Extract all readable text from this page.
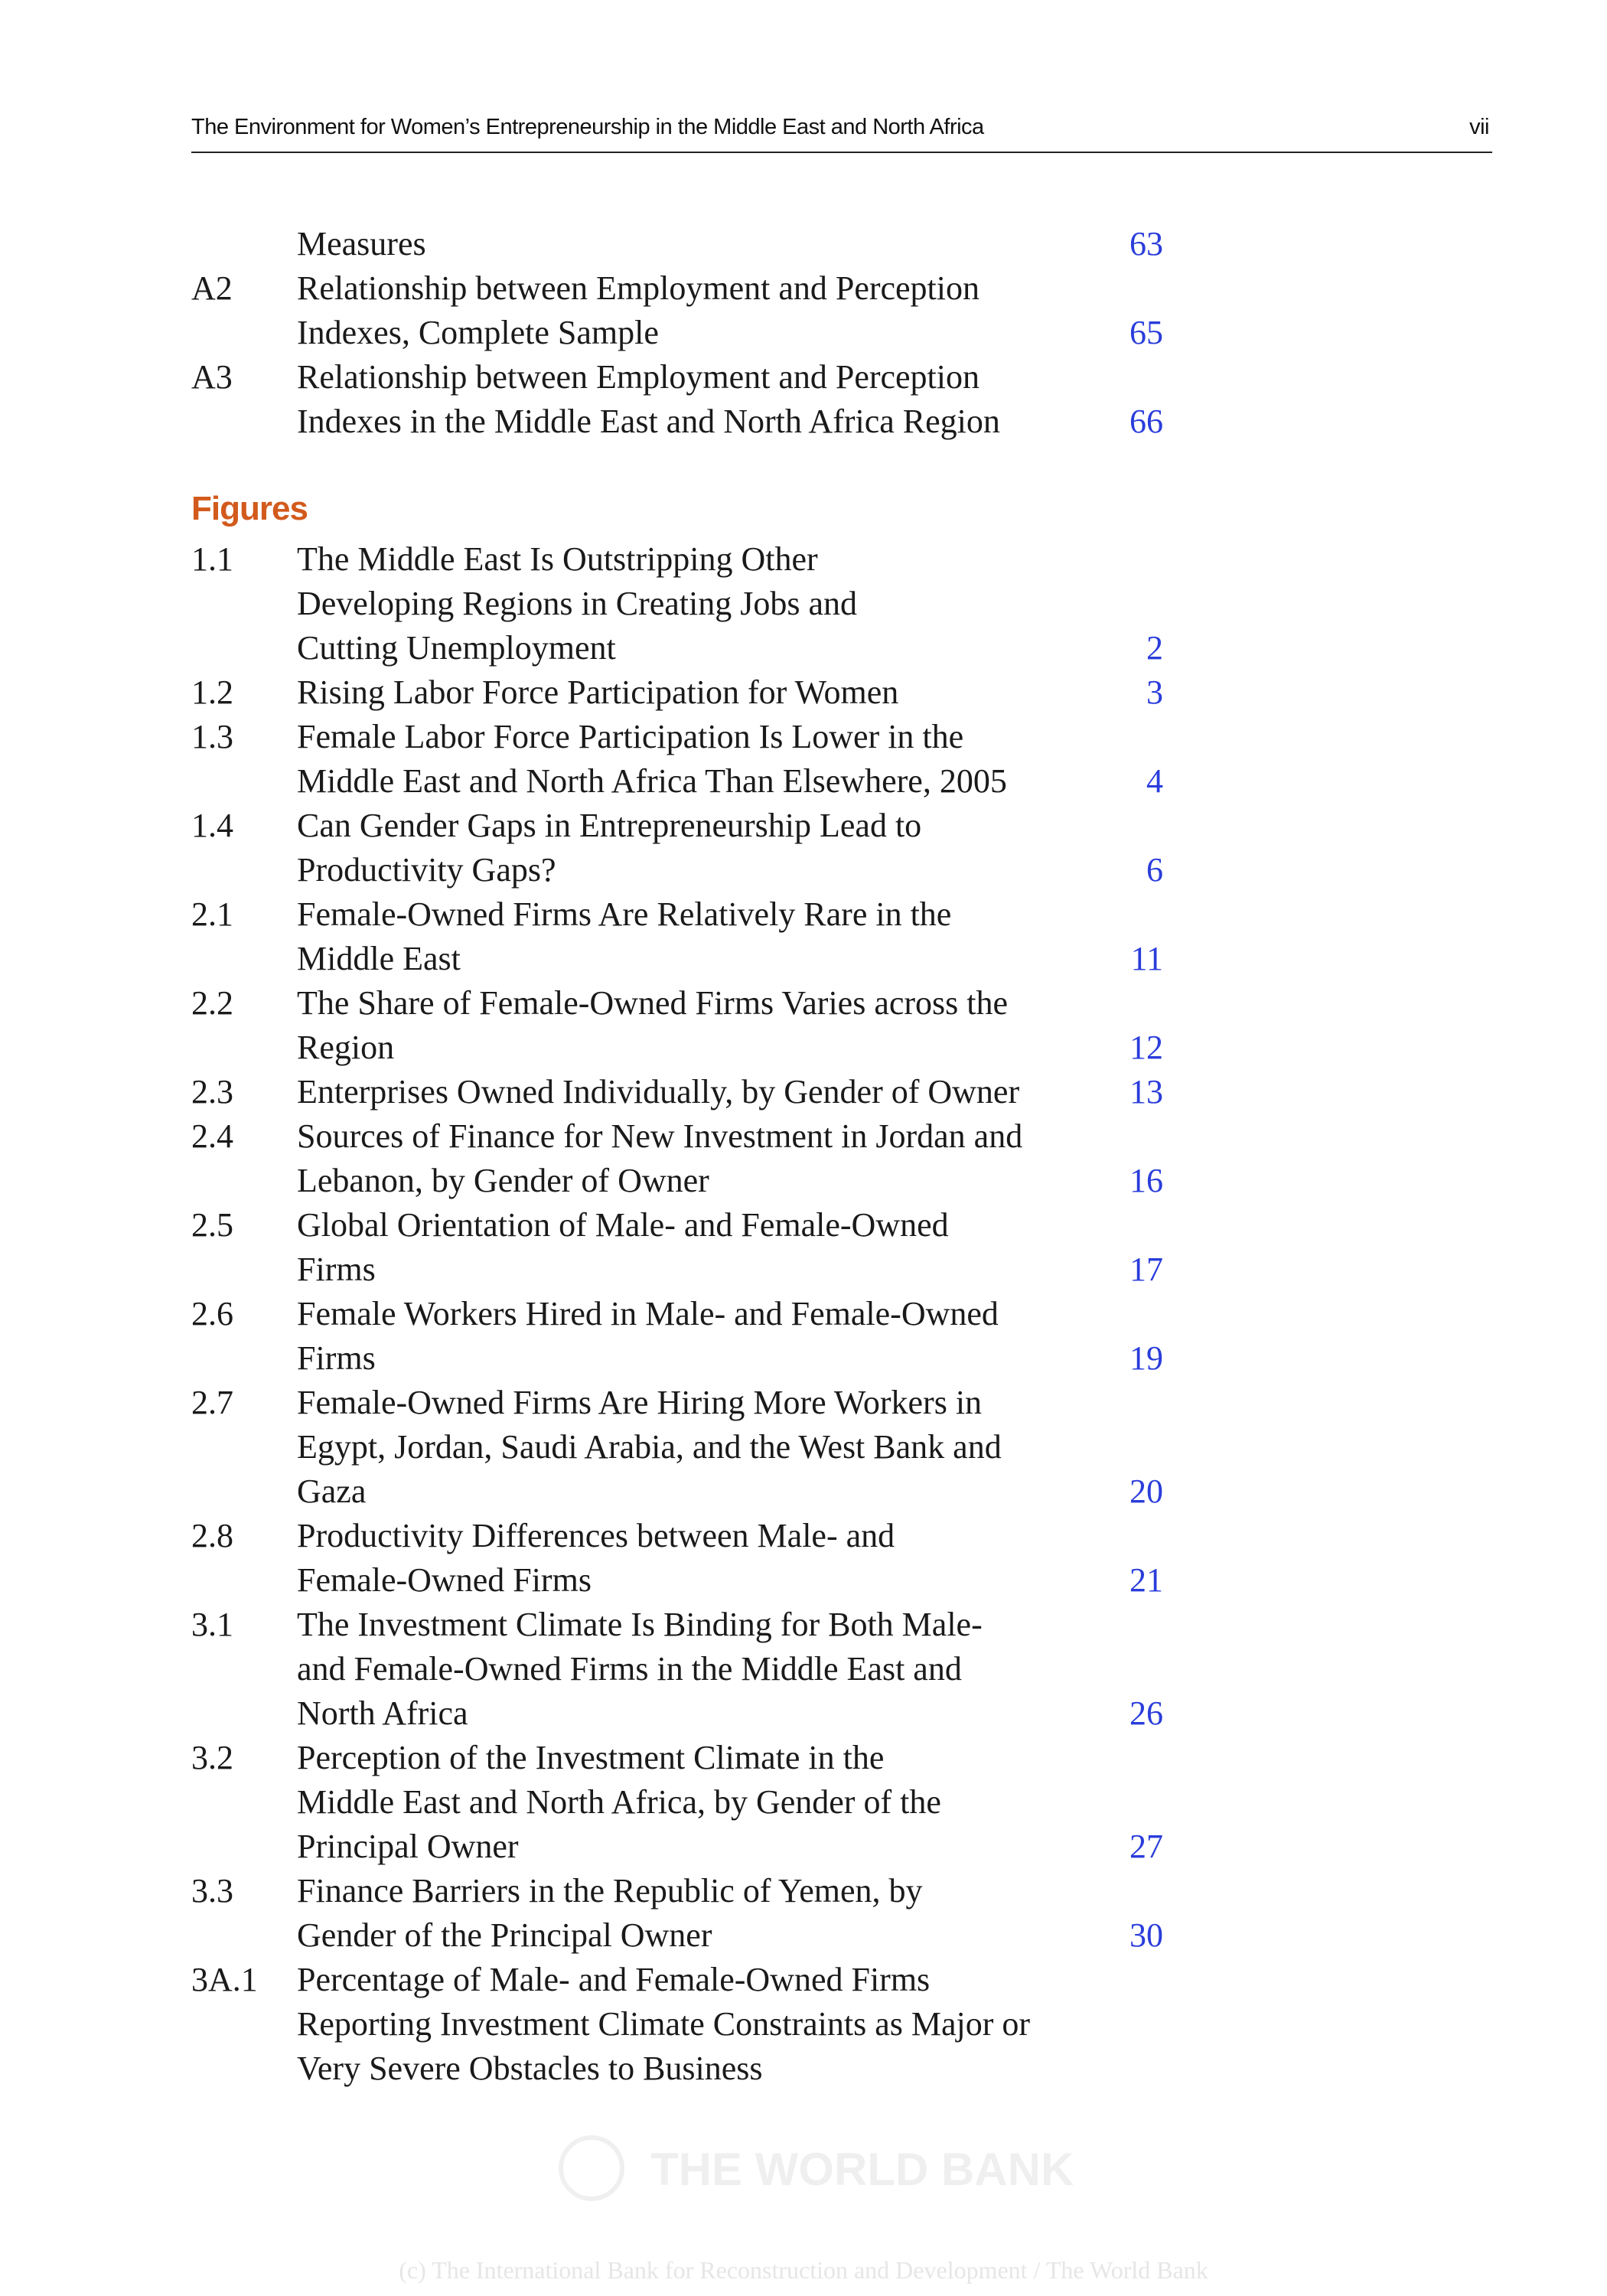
The Environment for Women’s Entrepreneurship in the Middle East and North Africa	vii
Measures	63
A2 Relationship between Employment and Perception Indexes, Complete Sample	65
A3 Relationship between Employment and Perception Indexes in the Middle East and North Africa Region	66
Figures
1.1 The Middle East Is Outstripping Other Developing Regions in Creating Jobs and Cutting Unemployment	2
1.2 Rising Labor Force Participation for Women	3
1.3 Female Labor Force Participation Is Lower in the Middle East and North Africa Than Elsewhere, 2005	4
1.4 Can Gender Gaps in Entrepreneurship Lead to Productivity Gaps?	6
2.1 Female-Owned Firms Are Relatively Rare in the Middle East	11
2.2 The Share of Female-Owned Firms Varies across the Region	12
2.3 Enterprises Owned Individually, by Gender of Owner	13
2.4 Sources of Finance for New Investment in Jordan and Lebanon, by Gender of Owner	16
2.5 Global Orientation of Male- and Female-Owned Firms	17
2.6 Female Workers Hired in Male- and Female-Owned Firms	19
2.7 Female-Owned Firms Are Hiring More Workers in Egypt, Jordan, Saudi Arabia, and the West Bank and Gaza	20
2.8 Productivity Differences between Male- and Female-Owned Firms	21
3.1 The Investment Climate Is Binding for Both Male- and Female-Owned Firms in the Middle East and North Africa	26
3.2 Perception of the Investment Climate in the Middle East and North Africa, by Gender of the Principal Owner	27
3.3 Finance Barriers in the Republic of Yemen, by Gender of the Principal Owner	30
3A.1 Percentage of Male- and Female-Owned Firms Reporting Investment Climate Constraints as Major or Very Severe Obstacles to Business
THE WORLD BANK
(c) The International Bank for Reconstruction and Development / The World Bank
